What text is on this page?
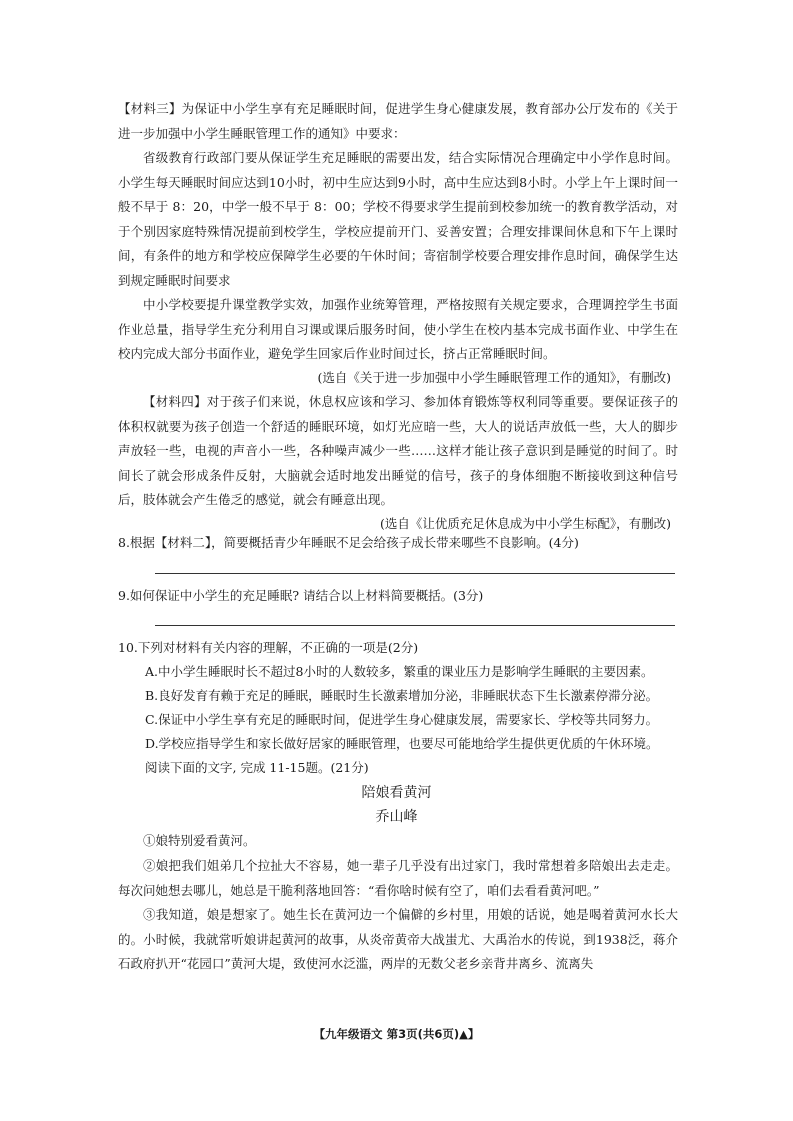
【材料三】为保证中小学生享有充足睡眠时间，促进学生身心健康发展，教育部办公厅发布的《关于进一步加强中小学生睡眠管理工作的通知》中要求：

省级教育行政部门要从保证学生充足睡眠的需要出发，结合实际情况合理确定中小学作息时间。小学生每天睡眠时间应达到10小时，初中生应达到9小时，高中生应达到8小时。小学上午上课时间一般不早于 8：20，中学一般不早于 8：00；学校不得要求学生提前到校参加统一的教育教学活动，对于个别因家庭特殊情况提前到校学生，学校应提前开门、妥善安置；合理安排课间休息和下午上课时间，有条件的地方和学校应保障学生必要的午休时间；寄宿制学校要合理安排作息时间，确保学生达到规定睡眠时间要求

中小学校要提升课堂教学实效，加强作业统筹管理，严格按照有关规定要求，合理调控学生书面作业总量，指导学生充分利用自习课或课后服务时间，使小学生在校内基本完成书面作业、中学生在校内完成大部分书面作业，避免学生回家后作业时间过长，挤占正常睡眠时间。

(选自《关于进一步加强中小学生睡眠管理工作的通知》，有删改)

【材料四】对于孩子们来说，休息权应该和学习、参加体育锻炼等权利同等重要。要保证孩子的体积权就要为孩子创造一个舒适的睡眠环境，如灯光应暗一些，大人的说话声放低一些，大人的脚步声放轻一些，电视的声音小一些，各种噪声减少一些……这样才能让孩子意识到是睡觉的时间了。时间长了就会形成条件反射，大脑就会适时地发出睡觉的信号，孩子的身体细胞不断接收到这种信号后，肢体就会产生倦乏的感觉，就会有睡意出现。

(选自《让优质充足休息成为中小学生标配》，有删改)
8.根据【材料二】，简要概括青少年睡眠不足会给孩子成长带来哪些不良影响。(4分)
9.如何保证中小学生的充足睡眠? 请结合以上材料简要概括。(3分)
10.下列对材料有关内容的理解，不正确的一项是(2分)
A.中小学生睡眠时长不超过8小时的人数较多，繁重的课业压力是影响学生睡眠的主要因素。
B.良好发育有赖于充足的睡眠，睡眠时生长激素增加分泌，非睡眠状态下生长激素停滞分泌。
C.保证中小学生享有充足的睡眠时间，促进学生身心健康发展，需要家长、学校等共同努力。
D.学校应指导学生和家长做好居家的睡眠管理，也要尽可能地给学生提供更优质的午休环境。
阅读下面的文字, 完成 11-15题。(21分)
陪娘看黄河
乔山峰

①娘特别爱看黄河。

②娘把我们姐弟几个拉扯大不容易，她一辈子几乎没有出过家门，我时常想着多陪娘出去走走。每次问她想去哪儿，她总是干脆利落地回答：“看你啥时候有空了，咱们去看看黄河吧。”

③我知道，娘是想家了。她生长在黄河边一个偏僻的乡村里，用娘的话说，她是喝着黄河水长大的。小时候，我就常听娘讲起黄河的故事，从炎帝黄帝大战蚩尤、大禹治水的传说，到1938泛，蒋介石政府扒开“花园口”黄河大堤，致使河水泛滥，两岸的无数父老乡亲背井离乡、流离失

【九年级语文 第3页(共6页)▲】
